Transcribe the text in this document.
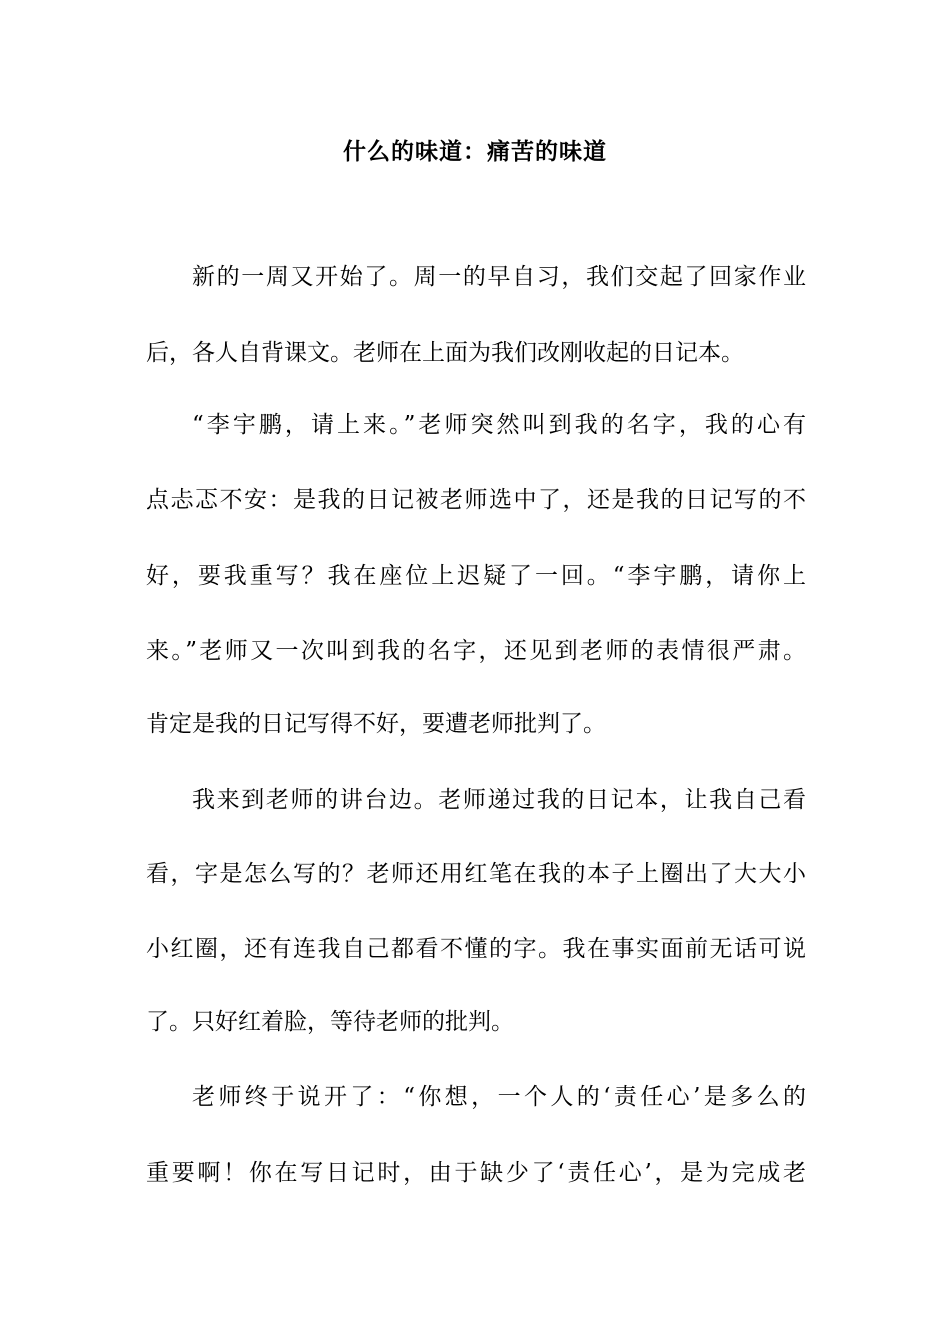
什么的味道：痛苦的味道
新的一周又开始了。周一的早自习，我们交起了回家作业
后，各人自背课文。老师在上面为我们改刚收起的日记本。
“李宇鹏，请上来。”老师突然叫到我的名字，我的心有
点忐忑不安：是我的日记被老师选中了，还是我的日记写的不
好，要我重写？我在座位上迟疑了一回。“李宇鹏，请你上
来。”老师又一次叫到我的名字，还见到老师的表情很严肃。
肯定是我的日记写得不好，要遭老师批判了。
我来到老师的讲台边。老师递过我的日记本，让我自己看
看，字是怎么写的？老师还用红笔在我的本子上圈出了大大小
小红圈，还有连我自己都看不懂的字。我在事实面前无话可说
了。只好红着脸，等待老师的批判。
老师终于说开了：“你想，一个人的‘责任心’是多么的
重要啊！你在写日记时，由于缺少了‘责任心’，是为完成老
